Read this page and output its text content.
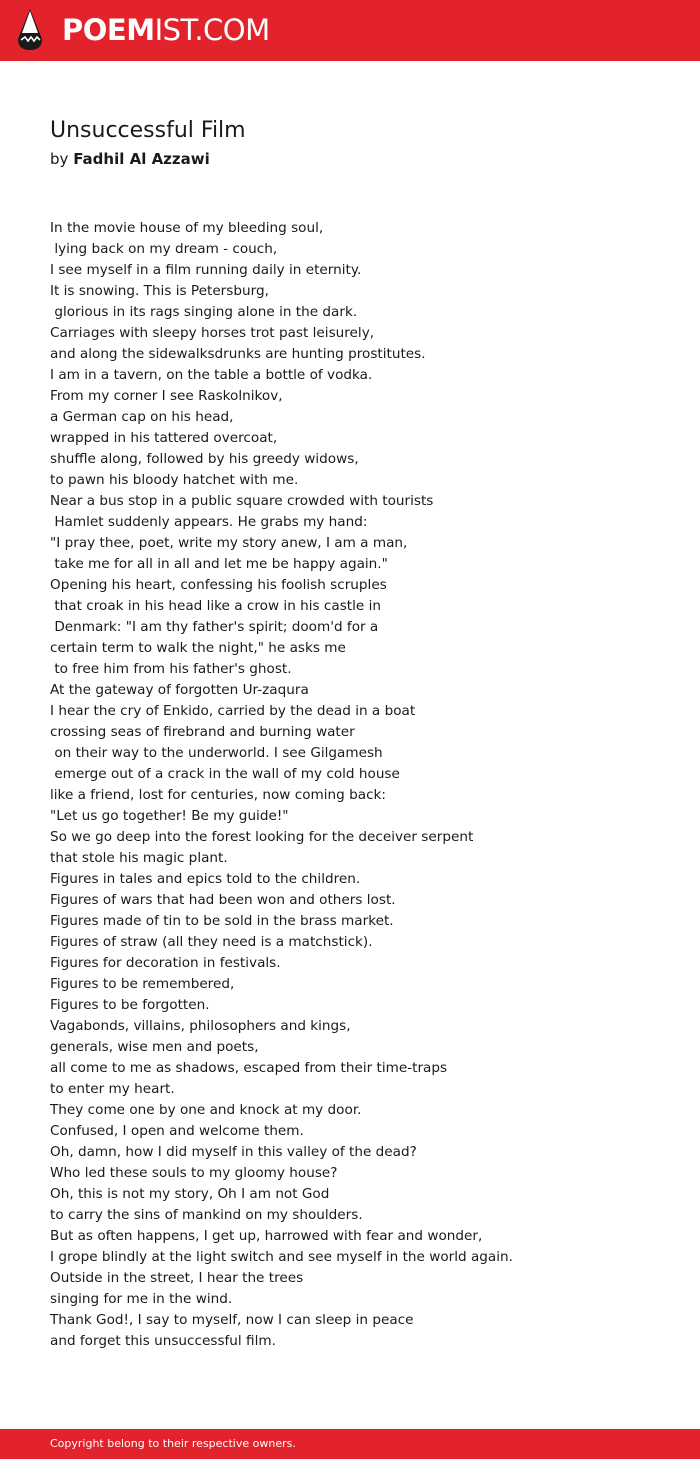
POEMIST.COM
Unsuccessful Film
by Fadhil Al Azzawi
In the movie house of my bleeding soul,
lying back on my dream - couch,
I see myself in a film running daily in eternity.
It is snowing. This is Petersburg,
glorious in its rags singing alone in the dark.
Carriages with sleepy horses trot past leisurely,
and along the sidewalksdrunks are hunting prostitutes.
I am in a tavern, on the table a bottle of vodka.
From my corner I see Raskolnikov,
a German cap on his head,
wrapped in his tattered overcoat,
shuffle along, followed by his greedy widows,
to pawn his bloody hatchet with me.
Near a bus stop in a public square crowded with tourists
Hamlet suddenly appears. He grabs my hand:
"I pray thee, poet, write my story anew, I am a man,
take me for all in all and let me be happy again."
Opening his heart, confessing his foolish scruples
that croak in his head like a crow in his castle in
Denmark: "I am thy father's spirit; doom'd for a
certain term to walk the night," he asks me
to free him from his father's ghost.
At the gateway of forgotten Ur-zaqura
I hear the cry of Enkido, carried by the dead in a boat
crossing seas of firebrand and burning water
on their way to the underworld. I see Gilgamesh
emerge out of a crack in the wall of my cold house
like a friend, lost for centuries, now coming back:
"Let us go together! Be my guide!"
So we go deep into the forest looking for the deceiver serpent
that stole his magic plant.
Figures in tales and epics told to the children.
Figures of wars that had been won and others lost.
Figures made of tin to be sold in the brass market.
Figures of straw (all they need is a matchstick).
Figures for decoration in festivals.
Figures to be remembered,
Figures to be forgotten.
Vagabonds, villains, philosophers and kings,
generals, wise men and poets,
all come to me as shadows, escaped from their time-traps
to enter my heart.
They come one by one and knock at my door.
Confused, I open and welcome them.
Oh, damn, how I did myself in this valley of the dead?
Who led these souls to my gloomy house?
Oh, this is not my story, Oh I am not God
to carry the sins of mankind on my shoulders.
But as often happens, I get up, harrowed with fear and wonder,
I grope blindly at the light switch and see myself in the world again.
Outside in the street, I hear the trees
singing for me in the wind.
Thank God!, I say to myself, now I can sleep in peace
and forget this unsuccessful film.
Copyright belong to their respective owners.
